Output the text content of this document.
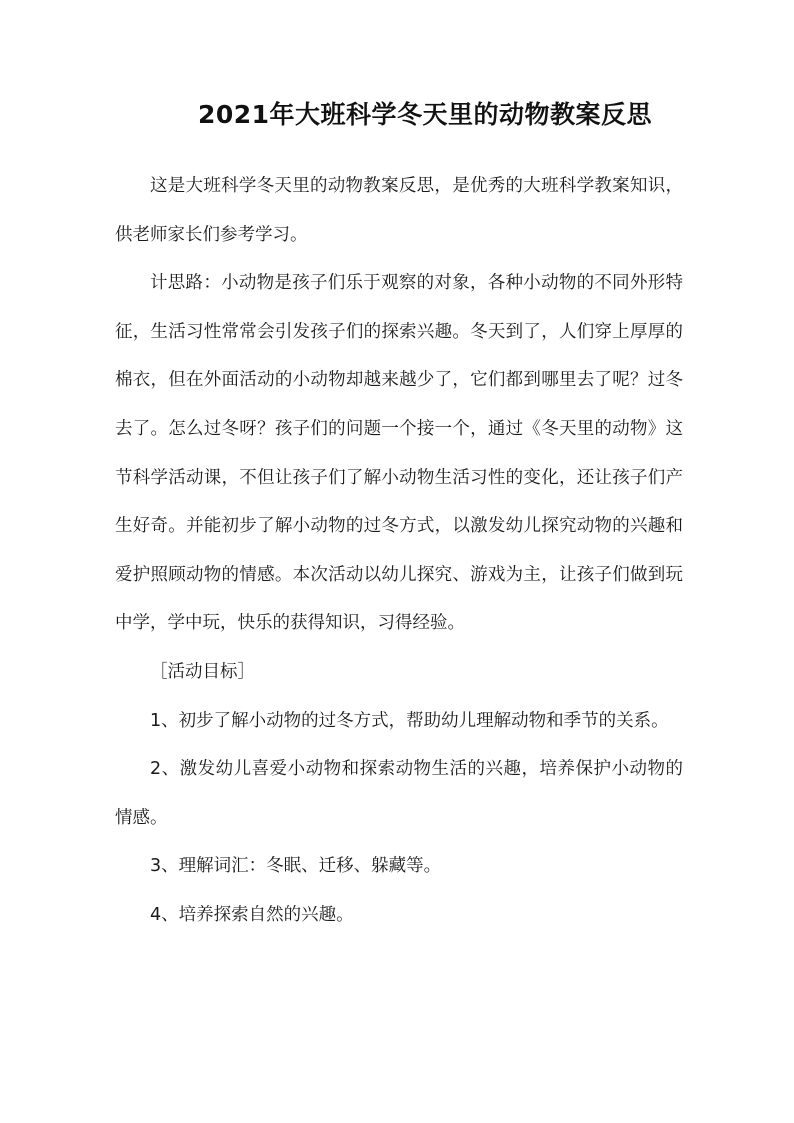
2021年大班科学冬天里的动物教案反思

这是大班科学冬天里的动物教案反思，是优秀的大班科学教案知识，供老师家长们参考学习。

计思路：小动物是孩子们乐于观察的对象，各种小动物的不同外形特征，生活习性常常会引发孩子们的探索兴趣。冬天到了，人们穿上厚厚的棉衣，但在外面活动的小动物却越来越少了，它们都到哪里去了呢？过冬去了。怎么过冬呀？孩子们的问题一个接一个，通过《冬天里的动物》这节科学活动课，不但让孩子们了解小动物生活习性的变化，还让孩子们产生好奇。并能初步了解小动物的过冬方式，以激发幼儿探究动物的兴趣和爱护照顾动物的情感。本次活动以幼儿探究、游戏为主，让孩子们做到玩中学，学中玩，快乐的获得知识，习得经验。

［活动目标］

1、初步了解小动物的过冬方式，帮助幼儿理解动物和季节的关系。

2、激发幼儿喜爱小动物和探索动物生活的兴趣，培养保护小动物的情感。

3、理解词汇：冬眠、迁移、躲藏等。

4、培养探索自然的兴趣。
